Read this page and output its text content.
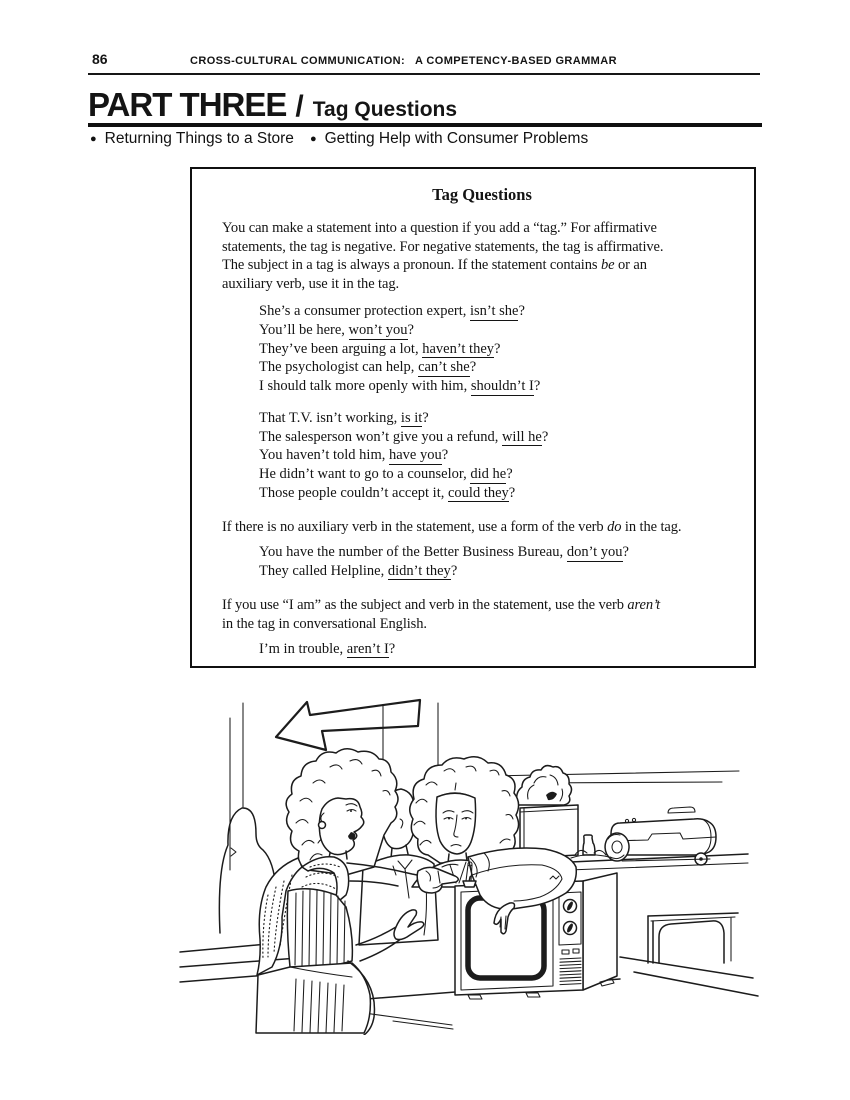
86	CROSS-CULTURAL COMMUNICATION:   A COMPETENCY-BASED GRAMMAR
PART THREE / Tag Questions
● Returning Things to a Store ● Getting Help with Consumer Problems
Tag Questions
You can make a statement into a question if you add a “tag.” For affirmative
statements, the tag is negative. For negative statements, the tag is affirmative.
The subject in a tag is always a pronoun. If the statement contains be or an
auxiliary verb, use it in the tag.
She’s a consumer protection expert, isn’t she?
You’ll be here, won’t you?
They’ve been arguing a lot, haven’t they?
The psychologist can help, can’t she?
I should talk more openly with him, shouldn’t I?
That T.V. isn’t working, is it?
The salesperson won’t give you a refund, will he?
You haven’t told him, have you?
He didn’t want to go to a counselor, did he?
Those people couldn’t accept it, could they?
If there is no auxiliary verb in the statement, use a form of the verb do in the tag.
You have the number of the Better Business Bureau, don’t you?
They called Helpline, didn’t they?
If you use “I am” as the subject and verb in the statement, use the verb aren’t
in the tag in conversational English.
I’m in trouble, aren’t I?
